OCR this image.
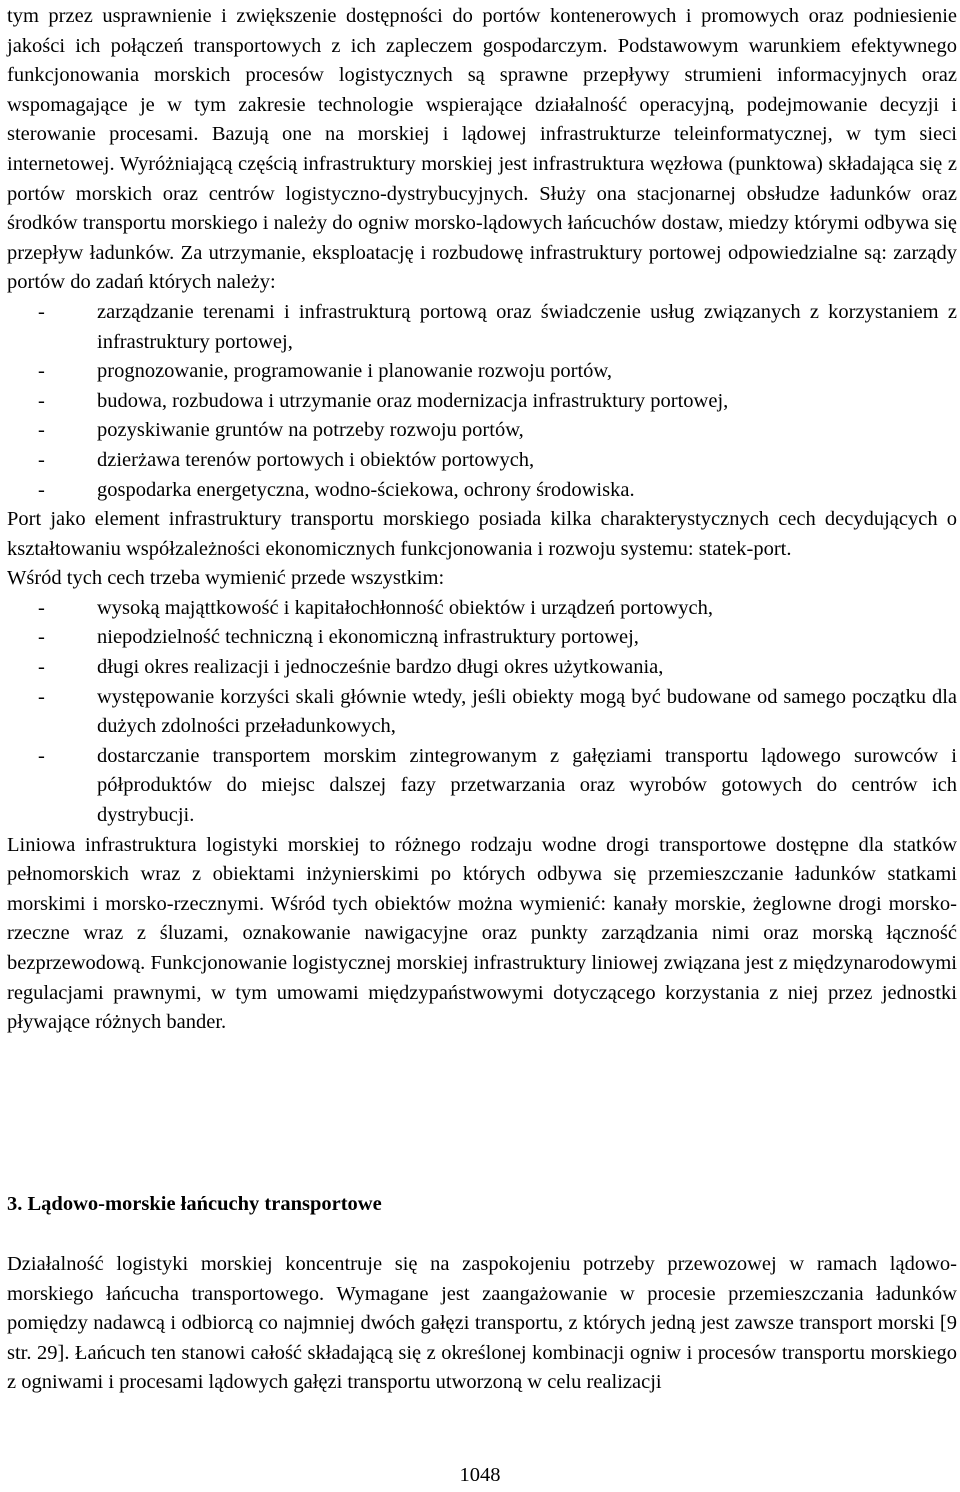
tym przez usprawnienie i zwiększenie dostępności do portów kontenerowych i promowych oraz podniesienie jakości ich połączeń transportowych z ich zapleczem gospodarczym. Podstawowym warunkiem efektywnego funkcjonowania morskich procesów logistycznych są sprawne przepływy strumieni informacyjnych oraz wspomagające je w tym zakresie technologie wspierające działalność operacyjną, podejmowanie decyzji i sterowanie procesami. Bazują one na morskiej i lądowej infrastrukturze teleinformatycznej, w tym sieci internetowej. Wyróżniającą częścią infrastruktury morskiej jest infrastruktura węzłowa (punktowa) składająca się z portów morskich oraz centrów logistyczno-dystrybucyjnych. Służy ona stacjonarnej obsłudze ładunków oraz środków transportu morskiego i należy do ogniw morsko-lądowych łańcuchów dostaw, miedzy którymi odbywa się przepływ ładunków. Za utrzymanie, eksploatację i rozbudowę infrastruktury portowej odpowiedzialne są: zarządy portów do zadań których należy:

-	zarządzanie terenami i infrastrukturą portową oraz świadczenie usług związanych z korzystaniem z infrastruktury portowej,
-	prognozowanie, programowanie i planowanie rozwoju portów,
-	budowa, rozbudowa i utrzymanie oraz modernizacja infrastruktury portowej,
-	pozyskiwanie gruntów na potrzeby rozwoju portów,
-	dzierżawa terenów portowych i obiektów portowych,
-	gospodarka energetyczna, wodno-ściekowa, ochrony środowiska.

Port jako element infrastruktury transportu morskiego posiada kilka charakterystycznych cech decydujących o kształtowaniu współzależności ekonomicznych funkcjonowania i rozwoju systemu: statek-port.

Wśród tych cech trzeba wymienić przede wszystkim:

-	wysoką mająttkowość i kapitałochłonność obiektów i urządzeń portowych,
-	niepodzielność techniczną i ekonomiczną infrastruktury portowej,
-	długi okres realizacji i jednocześnie bardzo długi okres użytkowania,
-	występowanie korzyści skali głównie wtedy, jeśli obiekty mogą być budowane od samego początku dla dużych zdolności przeładunkowych,
-	dostarczanie transportem morskim zintegrowanym z gałęziami transportu lądowego surowców i półproduktów do miejsc dalszej fazy przetwarzania oraz wyrobów gotowych do centrów ich dystrybucji.

Liniowa infrastruktura logistyki morskiej to różnego rodzaju wodne drogi transportowe dostępne dla statków pełnomorskich wraz z obiektami inżynierskimi po których odbywa się przemieszczanie ładunków statkami morskimi i morsko-rzecznymi. Wśród tych obiektów można wymienić: kanały morskie, żeglowne drogi morsko-rzeczne wraz z śluzami, oznakowanie nawigacyjne oraz punkty zarządzania nimi oraz morską łączność bezprzewodową. Funkcjonowanie logistycznej morskiej infrastruktury liniowej związana jest z międzynarodowymi regulacjami prawnymi, w tym umowami międzypaństwowymi dotyczącego korzystania z niej przez jednostki pływające różnych bander.

3. Lądowo-morskie łańcuchy transportowe

Działalność logistyki morskiej koncentruje się na zaspokojeniu potrzeby przewozowej w ramach lądowo-morskiego łańcucha transportowego. Wymagane jest zaangażowanie w procesie przemieszczania ładunków pomiędzy nadawcą i odbiorcą co najmniej dwóch gałęzi transportu, z których jedną jest zawsze transport morski [9 str. 29]. Łańcuch ten stanowi całość składającą się z określonej kombinacji ogniw i procesów transportu morskiego z ogniwami i procesami lądowych gałęzi transportu utworzoną w celu realizacji

1048
